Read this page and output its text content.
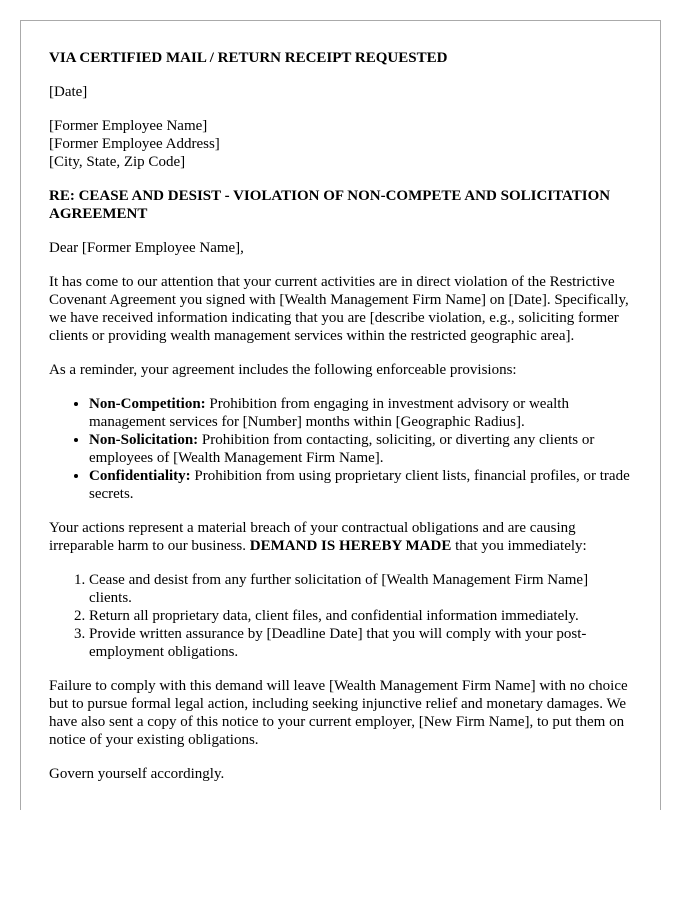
VIA CERTIFIED MAIL / RETURN RECEIPT REQUESTED

[Date]

[Former Employee Name]
[Former Employee Address]
[City, State, Zip Code]

RE: CEASE AND DESIST - VIOLATION OF NON-COMPETE AND SOLICITATION AGREEMENT

Dear [Former Employee Name],

It has come to our attention that your current activities are in direct violation of the Restrictive Covenant Agreement you signed with [Wealth Management Firm Name] on [Date]. Specifically, we have received information indicating that you are [describe violation, e.g., soliciting former clients or providing wealth management services within the restricted geographic area].

As a reminder, your agreement includes the following enforceable provisions:

• Non-Competition: Prohibition from engaging in investment advisory or wealth management services for [Number] months within [Geographic Radius].
• Non-Solicitation: Prohibition from contacting, soliciting, or diverting any clients or employees of [Wealth Management Firm Name].
• Confidentiality: Prohibition from using proprietary client lists, financial profiles, or trade secrets.

Your actions represent a material breach of your contractual obligations and are causing irreparable harm to our business. DEMAND IS HEREBY MADE that you immediately:

1. Cease and desist from any further solicitation of [Wealth Management Firm Name] clients.
2. Return all proprietary data, client files, and confidential information immediately.
3. Provide written assurance by [Deadline Date] that you will comply with your post-employment obligations.

Failure to comply with this demand will leave [Wealth Management Firm Name] with no choice but to pursue formal legal action, including seeking injunctive relief and monetary damages. We have also sent a copy of this notice to your current employer, [New Firm Name], to put them on notice of your existing obligations.

Govern yourself accordingly.
